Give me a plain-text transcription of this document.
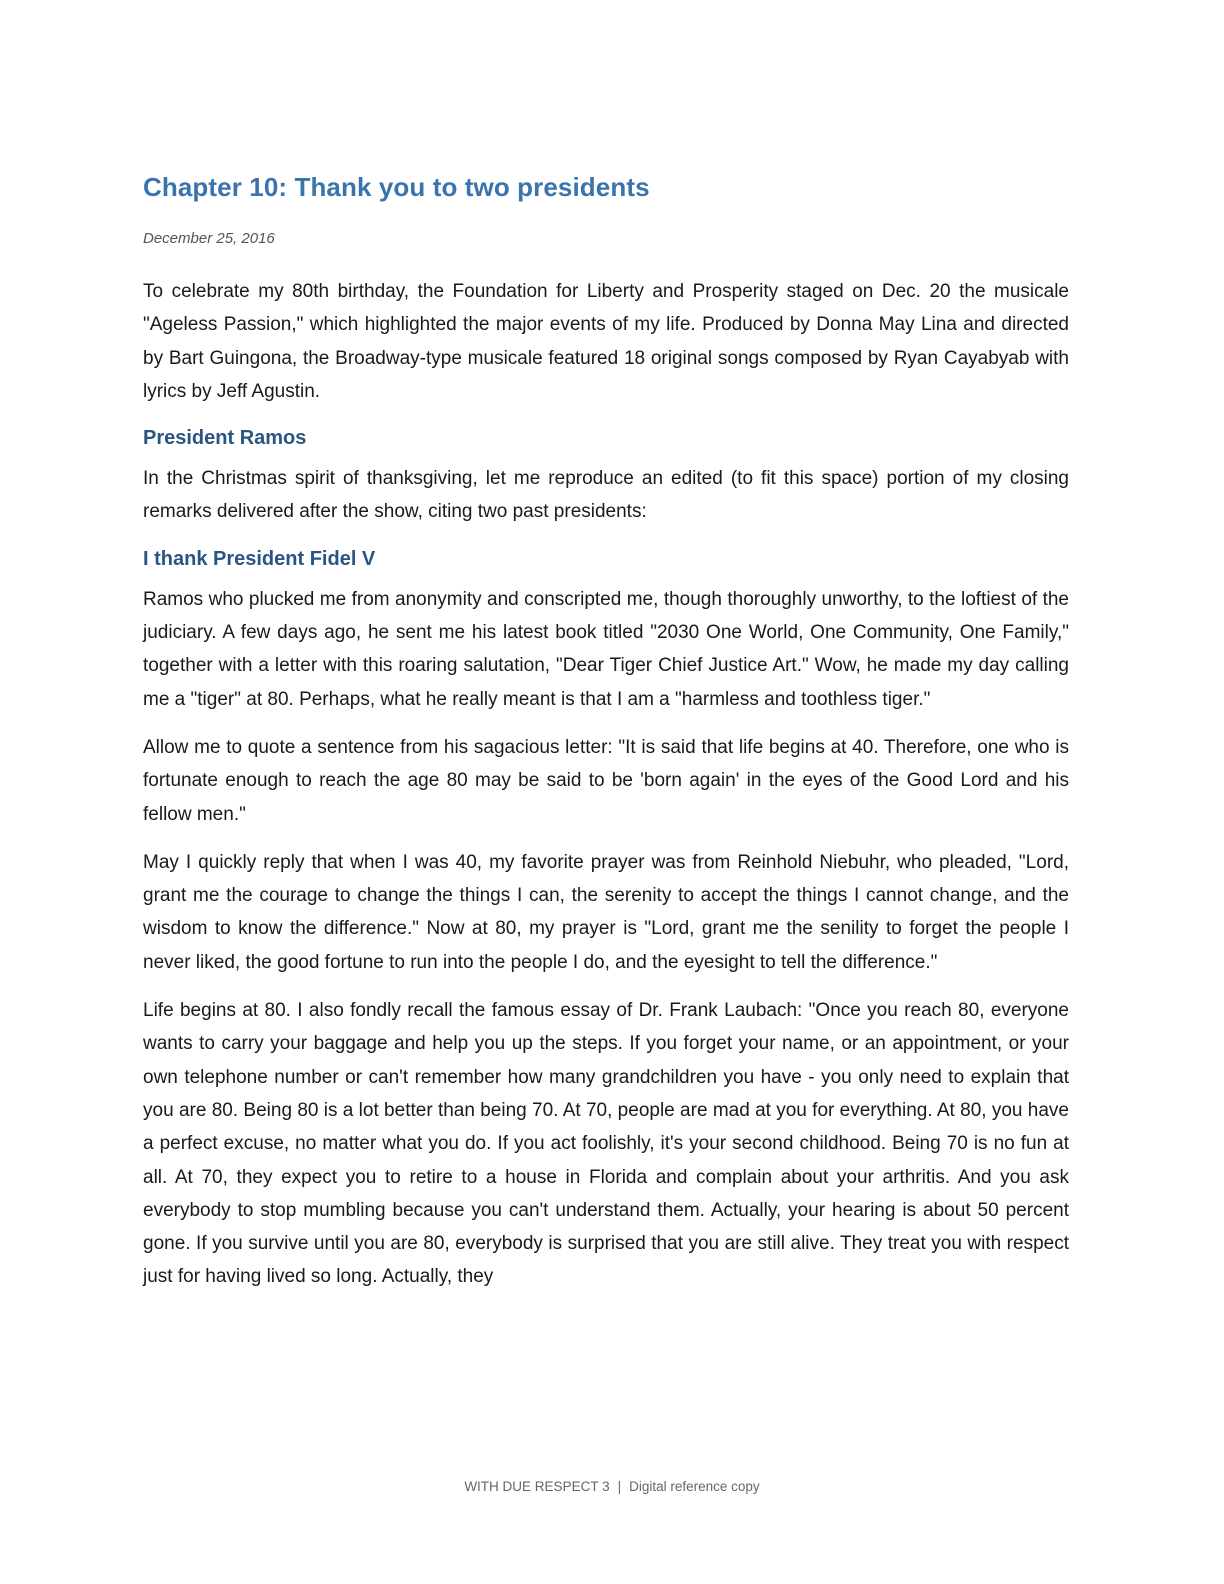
Chapter 10: Thank you to two presidents

December 25, 2016

To celebrate my 80th birthday, the Foundation for Liberty and Prosperity staged on Dec. 20 the musicale "Ageless Passion," which highlighted the major events of my life. Produced by Donna May Lina and directed by Bart Guingona, the Broadway-type musicale featured 18 original songs composed by Ryan Cayabyab with lyrics by Jeff Agustin.

President Ramos

In the Christmas spirit of thanksgiving, let me reproduce an edited (to fit this space) portion of my closing remarks delivered after the show, citing two past presidents:

I thank President Fidel V

Ramos who plucked me from anonymity and conscripted me, though thoroughly unworthy, to the loftiest of the judiciary. A few days ago, he sent me his latest book titled "2030 One World, One Community, One Family," together with a letter with this roaring salutation, "Dear Tiger Chief Justice Art." Wow, he made my day calling me a "tiger" at 80. Perhaps, what he really meant is that I am a "harmless and toothless tiger."

Allow me to quote a sentence from his sagacious letter: "It is said that life begins at 40. Therefore, one who is fortunate enough to reach the age 80 may be said to be 'born again' in the eyes of the Good Lord and his fellow men."

May I quickly reply that when I was 40, my favorite prayer was from Reinhold Niebuhr, who pleaded, "Lord, grant me the courage to change the things I can, the serenity to accept the things I cannot change, and the wisdom to know the difference." Now at 80, my prayer is "Lord, grant me the senility to forget the people I never liked, the good fortune to run into the people I do, and the eyesight to tell the difference."

Life begins at 80. I also fondly recall the famous essay of Dr. Frank Laubach: "Once you reach 80, everyone wants to carry your baggage and help you up the steps. If you forget your name, or an appointment, or your own telephone number or can't remember how many grandchildren you have - you only need to explain that you are 80. Being 80 is a lot better than being 70. At 70, people are mad at you for everything. At 80, you have a perfect excuse, no matter what you do. If you act foolishly, it's your second childhood. Being 70 is no fun at all. At 70, they expect you to retire to a house in Florida and complain about your arthritis. And you ask everybody to stop mumbling because you can't understand them. Actually, your hearing is about 50 percent gone. If you survive until you are 80, everybody is surprised that you are still alive. They treat you with respect just for having lived so long. Actually, they

WITH DUE RESPECT 3 | Digital reference copy
